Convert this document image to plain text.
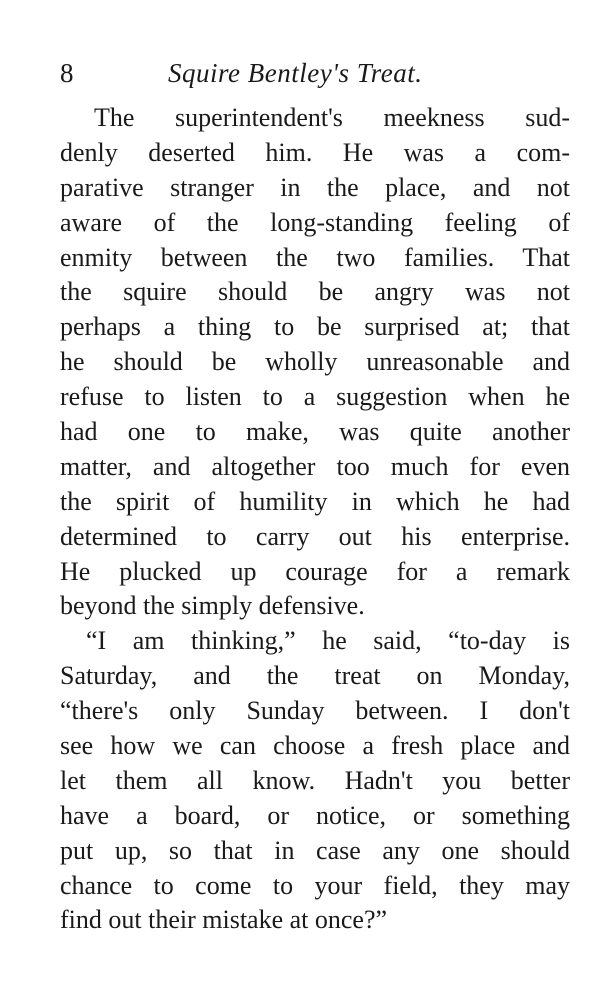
8	Squire Bentley's Treat.
The superintendent's meekness sud-
denly deserted him. He was a com-
parative stranger in the place, and not
aware of the long-standing feeling of
enmity between the two families. That
the squire should be angry was not
perhaps a thing to be surprised at; that
he should be wholly unreasonable and
refuse to listen to a suggestion when he
had one to make, was quite another
matter, and altogether too much for even
the spirit of humility in which he had
determined to carry out his enterprise.
He plucked up courage for a remark
beyond the simply defensive.
“I am thinking,” he said, “to-day is
Saturday, and the treat on Monday,
“there's only Sunday between. I don't
see how we can choose a fresh place and
let them all know. Hadn't you better
have a board, or notice, or something
put up, so that in case any one should
chance to come to your field, they may
find out their mistake at once?”
